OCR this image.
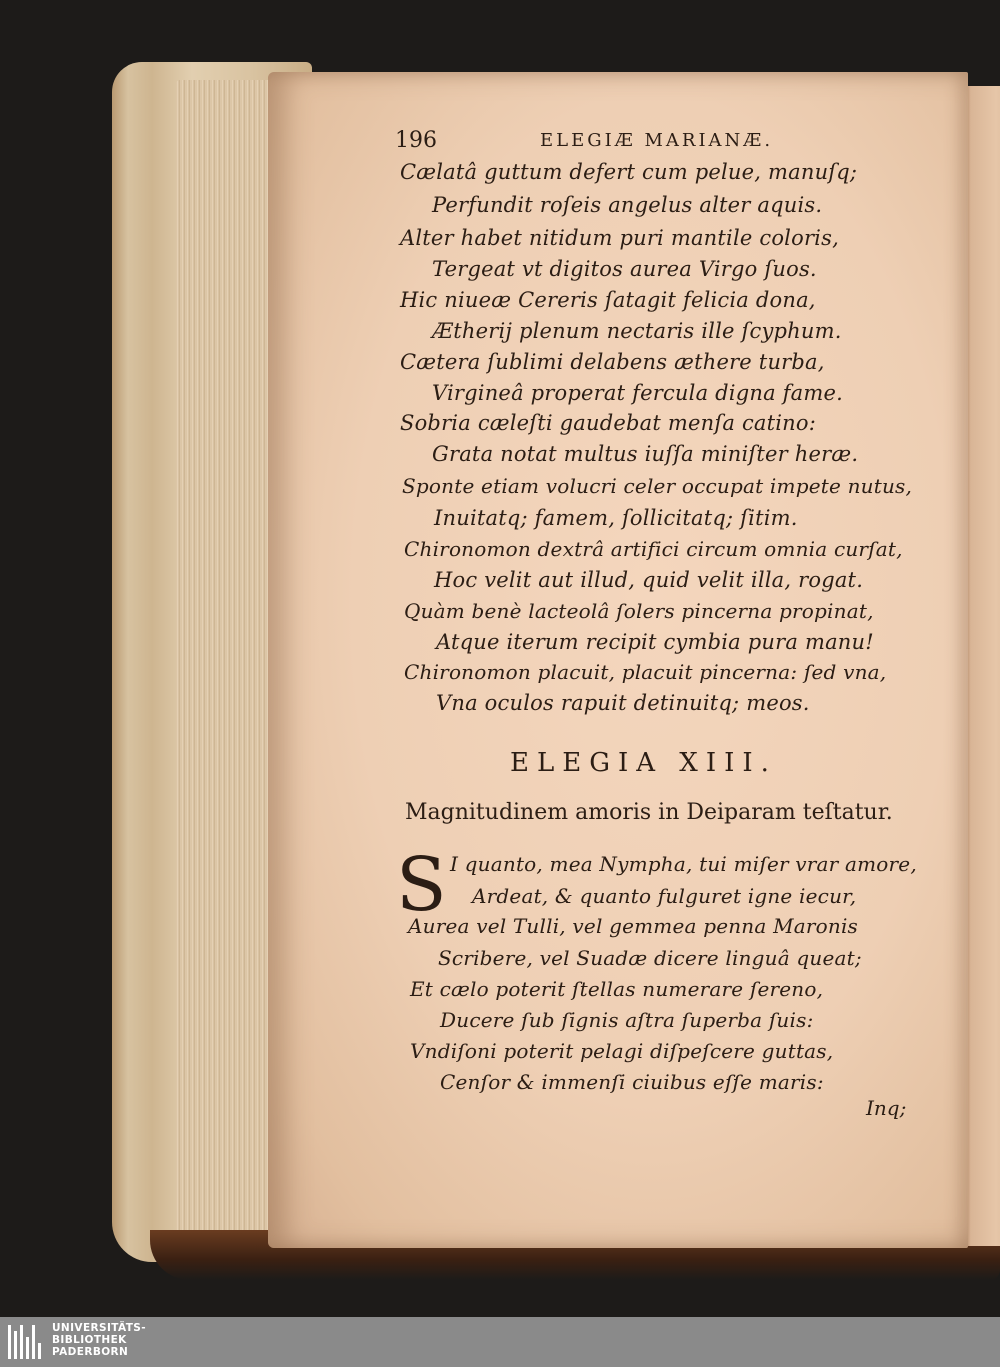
196	ELEGIÆ MARIANÆ.
Cælatâ guttum defert cum pelue, manuſq;
Perfundit roſeis angelus alter aquis.
Alter habet nitidum puri mantile coloris,
Tergeat vt digitos aurea Virgo ſuos.
Hic niueæ Cereris ſatagit felicia dona,
Ætherij plenum nectaris ille ſcyphum.
Cætera ſublimi delabens æthere turba,
Virgineâ properat fercula digna fame.
Sobria cæleſti gaudebat menſa catino:
Grata notat multus iuſſa miniſter heræ.
Sponte etiam volucri celer occupat impete nutus,
Inuitatq; famem, ſollicitatq; ſitim.
Chironomon dextrâ artifici circum omnia curſat,
Hoc velit aut illud, quid velit illa, rogat.
Quàm benè lacteolâ ſolers pincerna propinat,
Atque iterum recipit cymbia pura manu!
Chironomon placuit, placuit pincerna: ſed vna,
Vna oculos rapuit detinuitq; meos.
ELEGIA XIII.
Magnitudinem amoris in Deiparam teſtatur.
S I quanto, mea Nympha, tui miſer vrar amore,
Ardeat, & quanto fulguret igne iecur,
Aurea vel Tulli, vel gemmea penna Maronis
Scribere, vel Suadæ dicere linguâ queat;
Et cælo poterit ſtellas numerare ſereno,
Ducere ſub ſignis aſtra ſuperba ſuis:
Vndiſoni poterit pelagi diſpeſcere guttas,
Cenſor & immenſi ciuibus eſſe maris:
Inq;
UNIVERSITÄTS-
BIBLIOTHEK
PADERBORN
